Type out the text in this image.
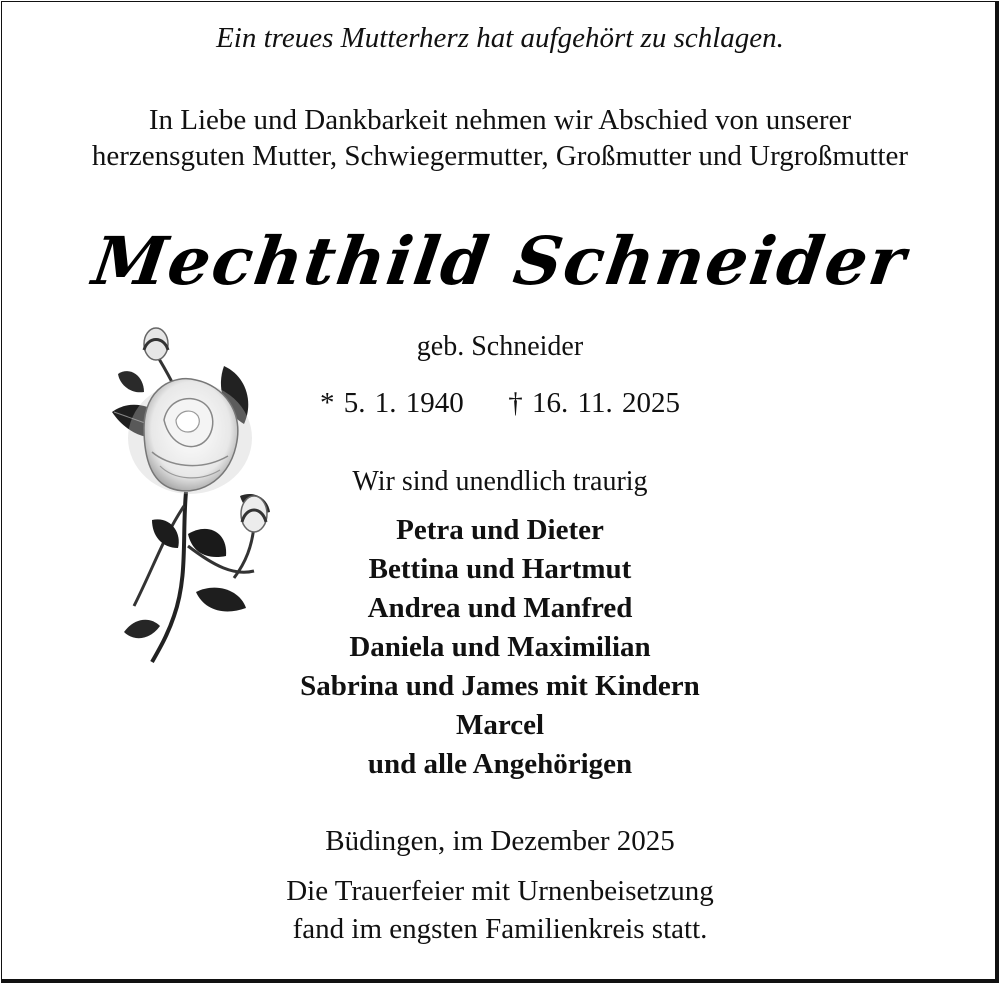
Ein treues Mutterherz hat aufgehört zu schlagen.
In Liebe und Dankbarkeit nehmen wir Abschied von unserer
herzensguten Mutter, Schwiegermutter, Großmutter und Urgroßmutter
Mechthild Schneider
geb. Schneider
* 5. 1. 1940 † 16. 11. 2025
Wir sind unendlich traurig
Petra und Dieter
Bettina und Hartmut
Andrea und Manfred
Daniela und Maximilian
Sabrina und James mit Kindern
Marcel
und alle Angehörigen
Büdingen, im Dezember 2025
Die Trauerfeier mit Urnenbeisetzung
fand im engsten Familienkreis statt.
